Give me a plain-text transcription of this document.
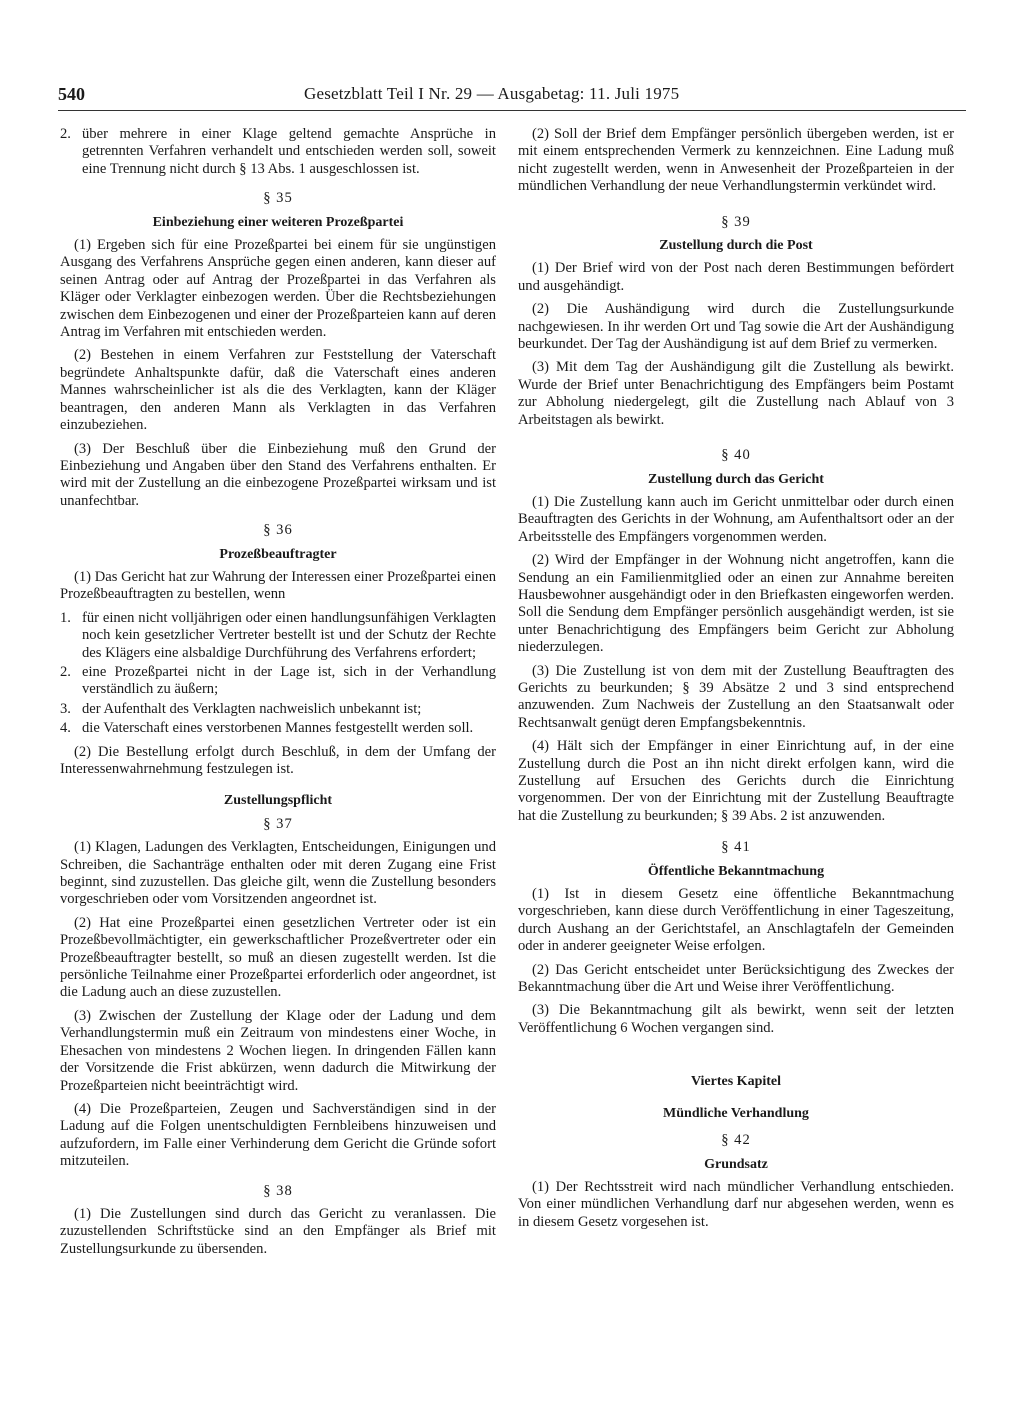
540	Gesetzblatt Teil I Nr. 29 — Ausgabetag: 11. Juli 1975
2. über mehrere in einer Klage geltend gemachte Ansprüche in getrennten Verfahren verhandelt und entschieden werden soll, soweit eine Trennung nicht durch § 13 Abs. 1 ausgeschlossen ist.
§ 35
Einbeziehung einer weiteren Prozeßpartei

(1) Ergeben sich für eine Prozeßpartei bei einem für sie ungünstigen Ausgang des Verfahrens Ansprüche gegen einen anderen, kann dieser auf seinen Antrag oder auf Antrag der Prozeßpartei in das Verfahren als Kläger oder Verklagter einbezogen werden. Über die Rechtsbeziehungen zwischen dem Einbezogenen und einer der Prozeßparteien kann auf deren Antrag im Verfahren mit entschieden werden.

(2) Bestehen in einem Verfahren zur Feststellung der Vaterschaft begründete Anhaltspunkte dafür, daß die Vaterschaft eines anderen Mannes wahrscheinlicher ist als die des Verklagten, kann der Kläger beantragen, den anderen Mann als Verklagten in das Verfahren einzubeziehen.

(3) Der Beschluß über die Einbeziehung muß den Grund der Einbeziehung und Angaben über den Stand des Verfahrens enthalten. Er wird mit der Zustellung an die einbezogene Prozeßpartei wirksam und ist unanfechtbar.

§ 36
Prozeßbeauftragter

(1) Das Gericht hat zur Wahrung der Interessen einer Prozeßpartei einen Prozeßbeauftragten zu bestellen, wenn

1. für einen nicht volljährigen oder einen handlungsunfähigen Verklagten noch kein gesetzlicher Vertreter bestellt ist und der Schutz der Rechte des Klägers eine alsbaldige Durchführung des Verfahrens erfordert;
2. eine Prozeßpartei nicht in der Lage ist, sich in der Verhandlung verständlich zu äußern;
3. der Aufenthalt des Verklagten nachweislich unbekannt ist;
4. die Vaterschaft eines verstorbenen Mannes festgestellt werden soll.

(2) Die Bestellung erfolgt durch Beschluß, in dem der Umfang der Interessenwahrnehmung festzulegen ist.

Zustellungspflicht
§ 37

(1) Klagen, Ladungen des Verklagten, Entscheidungen, Einigungen und Schreiben, die Sachanträge enthalten oder mit deren Zugang eine Frist beginnt, sind zuzustellen. Das gleiche gilt, wenn die Zustellung besonders vorgeschrieben oder vom Vorsitzenden angeordnet ist.

(2) Hat eine Prozeßpartei einen gesetzlichen Vertreter oder ist ein Prozeßbevollmächtigter, ein gewerkschaftlicher Prozeßvertreter oder ein Prozeßbeauftragter bestellt, so muß an diesen zugestellt werden. Ist die persönliche Teilnahme einer Prozeßpartei erforderlich oder angeordnet, ist die Ladung auch an diese zuzustellen.

(3) Zwischen der Zustellung der Klage oder der Ladung und dem Verhandlungstermin muß ein Zeitraum von mindestens einer Woche, in Ehesachen von mindestens 2 Wochen liegen. In dringenden Fällen kann der Vorsitzende die Frist abkürzen, wenn dadurch die Mitwirkung der Prozeßparteien nicht beeinträchtigt wird.

(4) Die Prozeßparteien, Zeugen und Sachverständigen sind in der Ladung auf die Folgen unentschuldigten Fernbleibens hinzuweisen und aufzufordern, im Falle einer Verhinderung dem Gericht die Gründe sofort mitzuteilen.

§ 38

(1) Die Zustellungen sind durch das Gericht zu veranlassen. Die zuzustellenden Schriftstücke sind an den Empfänger als Brief mit Zustellungsurkunde zu übersenden.

(2) Soll der Brief dem Empfänger persönlich übergeben werden, ist er mit einem entsprechenden Vermerk zu kennzeichnen. Eine Ladung muß nicht zugestellt werden, wenn in Anwesenheit der Prozeßparteien in der mündlichen Verhandlung der neue Verhandlungstermin verkündet wird.

§ 39
Zustellung durch die Post

(1) Der Brief wird von der Post nach deren Bestimmungen befördert und ausgehändigt.

(2) Die Aushändigung wird durch die Zustellungsurkunde nachgewiesen. In ihr werden Ort und Tag sowie die Art der Aushändigung beurkundet. Der Tag der Aushändigung ist auf dem Brief zu vermerken.

(3) Mit dem Tag der Aushändigung gilt die Zustellung als bewirkt. Wurde der Brief unter Benachrichtigung des Empfängers beim Postamt zur Abholung niedergelegt, gilt die Zustellung nach Ablauf von 3 Arbeitstagen als bewirkt.

§ 40
Zustellung durch das Gericht

(1) Die Zustellung kann auch im Gericht unmittelbar oder durch einen Beauftragten des Gerichts in der Wohnung, am Aufenthaltsort oder an der Arbeitsstelle des Empfängers vorgenommen werden.

(2) Wird der Empfänger in der Wohnung nicht angetroffen, kann die Sendung an ein Familienmitglied oder an einen zur Annahme bereiten Hausbewohner ausgehändigt oder in den Briefkasten eingeworfen werden. Soll die Sendung dem Empfänger persönlich ausgehändigt werden, ist sie unter Benachrichtigung des Empfängers beim Gericht zur Abholung niederzulegen.

(3) Die Zustellung ist von dem mit der Zustellung Beauftragten des Gerichts zu beurkunden; § 39 Absätze 2 und 3 sind entsprechend anzuwenden. Zum Nachweis der Zustellung an den Staatsanwalt oder Rechtsanwalt genügt deren Empfangsbekenntnis.

(4) Hält sich der Empfänger in einer Einrichtung auf, in der eine Zustellung durch die Post an ihn nicht direkt erfolgen kann, wird die Zustellung auf Ersuchen des Gerichts durch die Einrichtung vorgenommen. Der von der Einrichtung mit der Zustellung Beauftragte hat die Zustellung zu beurkunden; § 39 Abs. 2 ist anzuwenden.

§ 41
Öffentliche Bekanntmachung

(1) Ist in diesem Gesetz eine öffentliche Bekanntmachung vorgeschrieben, kann diese durch Veröffentlichung in einer Tageszeitung, durch Aushang an der Gerichtstafel, an Anschlagtafeln der Gemeinden oder in anderer geeigneter Weise erfolgen.

(2) Das Gericht entscheidet unter Berücksichtigung des Zweckes der Bekanntmachung über die Art und Weise ihrer Veröffentlichung.

(3) Die Bekanntmachung gilt als bewirkt, wenn seit der letzten Veröffentlichung 6 Wochen vergangen sind.

Viertes Kapitel
Mündliche Verhandlung
§ 42
Grundsatz

(1) Der Rechtsstreit wird nach mündlicher Verhandlung entschieden. Von einer mündlichen Verhandlung darf nur abgesehen werden, wenn es in diesem Gesetz vorgesehen ist.
